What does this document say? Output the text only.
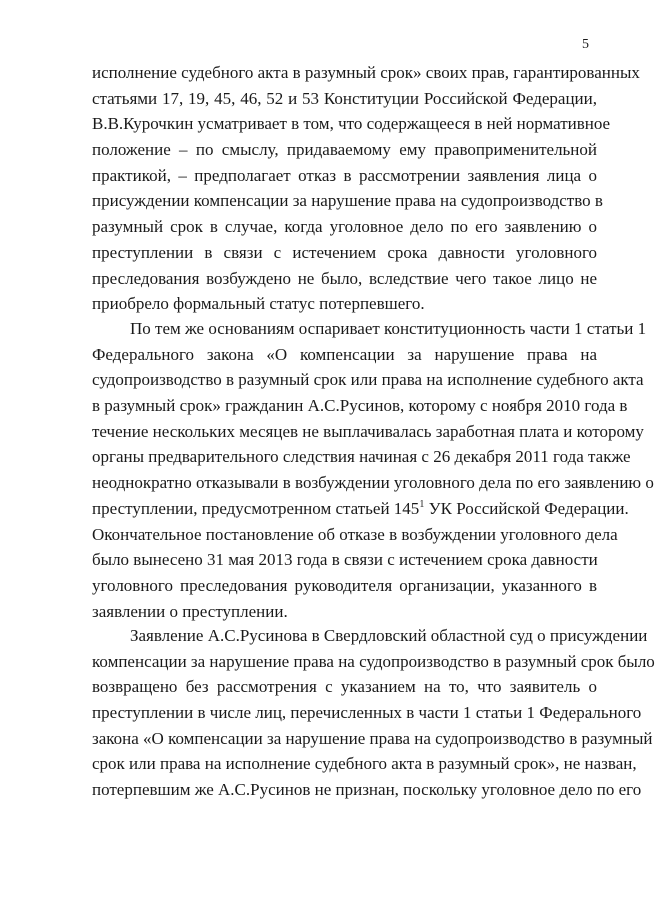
5
исполнение судебного акта в разумный срок» своих прав, гарантированных
статьями 17, 19, 45, 46, 52 и 53 Конституции Российской Федерации,
В.В.Курочкин усматривает в том, что содержащееся в ней нормативное
положение – по смыслу, придаваемому ему правоприменительной
практикой, – предполагает отказ в рассмотрении заявления лица о
присуждении компенсации за нарушение права на судопроизводство в
разумный срок в случае, когда уголовное дело по его заявлению о
преступлении в связи с истечением срока давности уголовного
преследования возбуждено не было, вследствие чего такое лицо не
приобрело формальный статус потерпевшего.
По тем же основаниям оспаривает конституционность части 1 статьи 1
Федерального закона «О компенсации за нарушение права на
судопроизводство в разумный срок или права на исполнение судебного акта
в разумный срок» гражданин А.С.Русинов, которому с ноября 2010 года в
течение нескольких месяцев не выплачивалась заработная плата и которому
органы предварительного следствия начиная с 26 декабря 2011 года также
неоднократно отказывали в возбуждении уголовного дела по его заявлению о
преступлении, предусмотренном статьей $145^1$ УК Российской Федерации.
Окончательное постановление об отказе в возбуждении уголовного дела
было вынесено 31 мая 2013 года в связи с истечением срока давности
уголовного преследования руководителя организации, указанного в
заявлении о преступлении.
Заявление А.С.Русинова в Свердловский областной суд о присуждении
компенсации за нарушение права на судопроизводство в разумный срок было
возвращено без рассмотрения с указанием на то, что заявитель о
преступлении в числе лиц, перечисленных в части 1 статьи 1 Федерального
закона «О компенсации за нарушение права на судопроизводство в разумный
срок или права на исполнение судебного акта в разумный срок», не назван,
потерпевшим же А.С.Русинов не признан, поскольку уголовное дело по его
